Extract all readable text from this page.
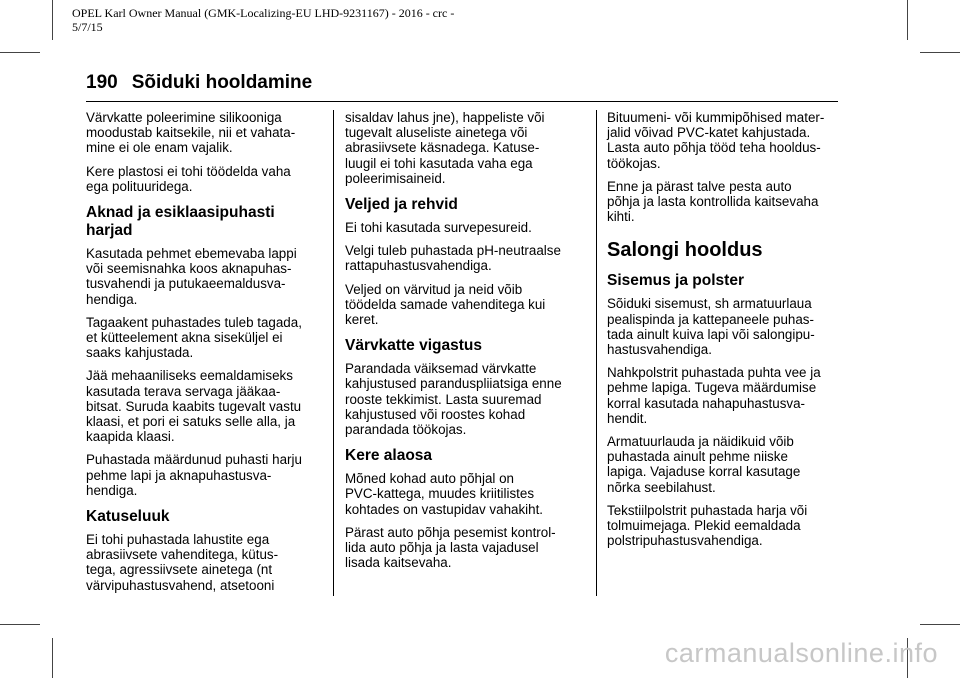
OPEL Karl Owner Manual (GMK-Localizing-EU LHD-9231167) - 2016 - crc -
5/7/15
190 Sõiduki hooldamine

Värvkatte poleerimine silikooniga
moodustab kaitsekile, nii et vahata-
mine ei ole enam vajalik.

Kere plastosi ei tohi töödelda vaha
ega polituuridega.

Aknad ja esiklaasipuhasti
harjad

Kasutada pehmet ebemevaba lappi
või seemisnahka koos aknapuhas-
tusvahendi ja putukaeemaldusva-
hendiga.

Tagaakent puhastades tuleb tagada,
et kütteelement akna siseküljel ei
saaks kahjustada.

Jää mehaaniliseks eemaldamiseks
kasutada terava servaga jääkaa-
bitsat. Suruda kaabits tugevalt vastu
klaasi, et pori ei satuks selle alla, ja
kaapida klaasi.

Puhastada määrdunud puhasti harju
pehme lapi ja aknapuhastusva-
hendiga.

Katuseluuk

Ei tohi puhastada lahustite ega
abrasiivsete vahenditega, kütus-
tega, agressiivsete ainetega (nt
värvipuhastusvahend, atsetooni

sisaldav lahus jne), happeliste või
tugevalt aluseliste ainetega või
abrasiivsete käsnadega. Katuse-
luugil ei tohi kasutada vaha ega
poleerimisaineid.

Veljed ja rehvid

Ei tohi kasutada survepesureid.

Velgi tuleb puhastada pH-neutraalse
rattapuhastusvahendiga.

Veljed on värvitud ja neid võib
töödelda samade vahenditega kui
keret.

Värvkatte vigastus

Parandada väiksemad värvkatte
kahjustused paranduspliiatsiga enne
rooste tekkimist. Lasta suuremad
kahjustused või roostes kohad
parandada töökojas.

Kere alaosa

Mõned kohad auto põhjal on
PVC-kattega, muudes kriitilistes
kohtades on vastupidav vahakiht.

Pärast auto põhja pesemist kontrol-
lida auto põhja ja lasta vajadusel
lisada kaitsevaha.

Bituumeni- või kummipõhised mater-
jalid võivad PVC-katet kahjustada.
Lasta auto põhja tööd teha hooldus-
töökojas.

Enne ja pärast talve pesta auto
põhja ja lasta kontrollida kaitsevaha
kihti.

Salongi hooldus
Sisemus ja polster

Sõiduki sisemust, sh armatuurlaua
pealispinda ja kattepaneele puhas-
tada ainult kuiva lapi või salongipu-
hastusvahendiga.

Nahkpolstrit puhastada puhta vee ja
pehme lapiga. Tugeva määrdumise
korral kasutada nahapuhastusva-
hendit.

Armatuurlauda ja näidikuid võib
puhastada ainult pehme niiske
lapiga. Vajaduse korral kasutage
nõrka seebilahust.

Tekstiilpolstrit puhastada harja või
tolmuimejaga. Plekid eemaldada
polstripuhastusvahendiga.

carmanualsonline.info
